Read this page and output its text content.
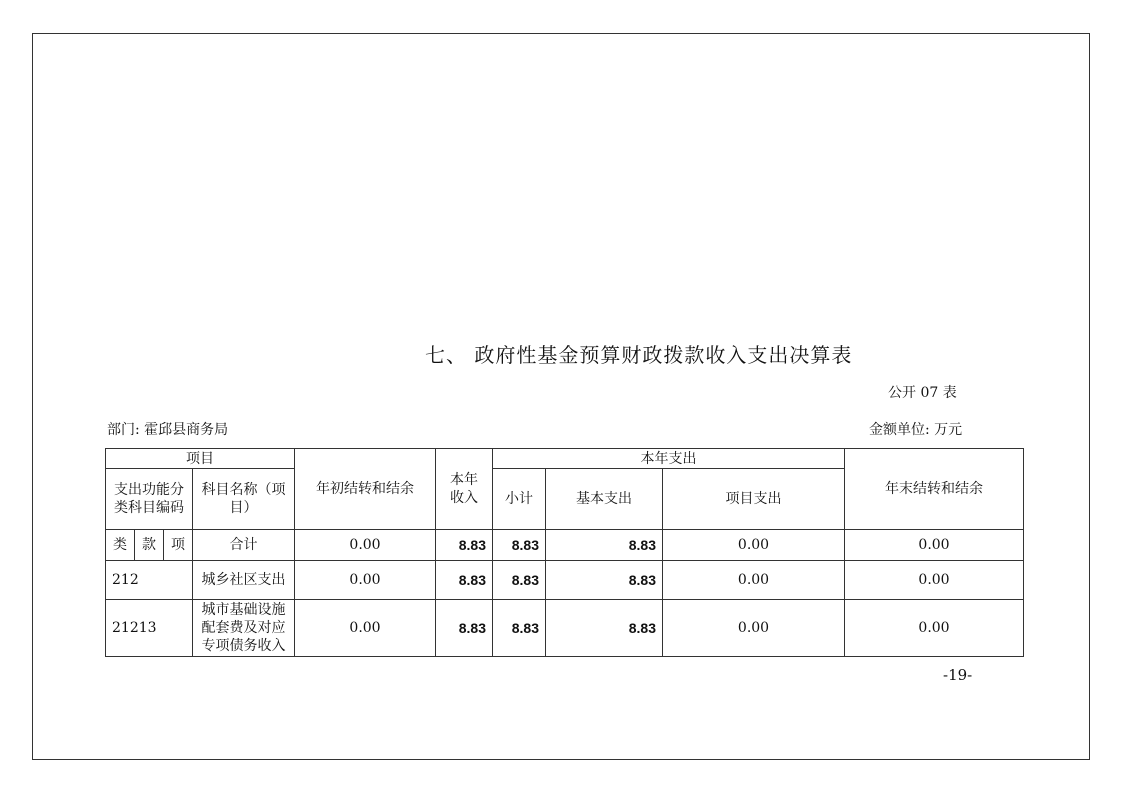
七、 政府性基金预算财政拨款收入支出决算表
公开 07 表
部门: 霍邱县商务局	金额单位: 万元
项目				年初结转和结余	本年收入	本年支出			年末结转和结余

支出功能分类科目编码			科目名称（项目）			小计	基本支出	项目支出	
类	款	项	合计	0.00	8.83	8.83	8.83	0.00	0.00
212			城乡社区支出	0.00	8.83	8.83	8.83	0.00	0.00
21213			城市基础设施配套费及对应专项债务收入	0.00	8.83	8.83	8.83	0.00	0.00
-19-
